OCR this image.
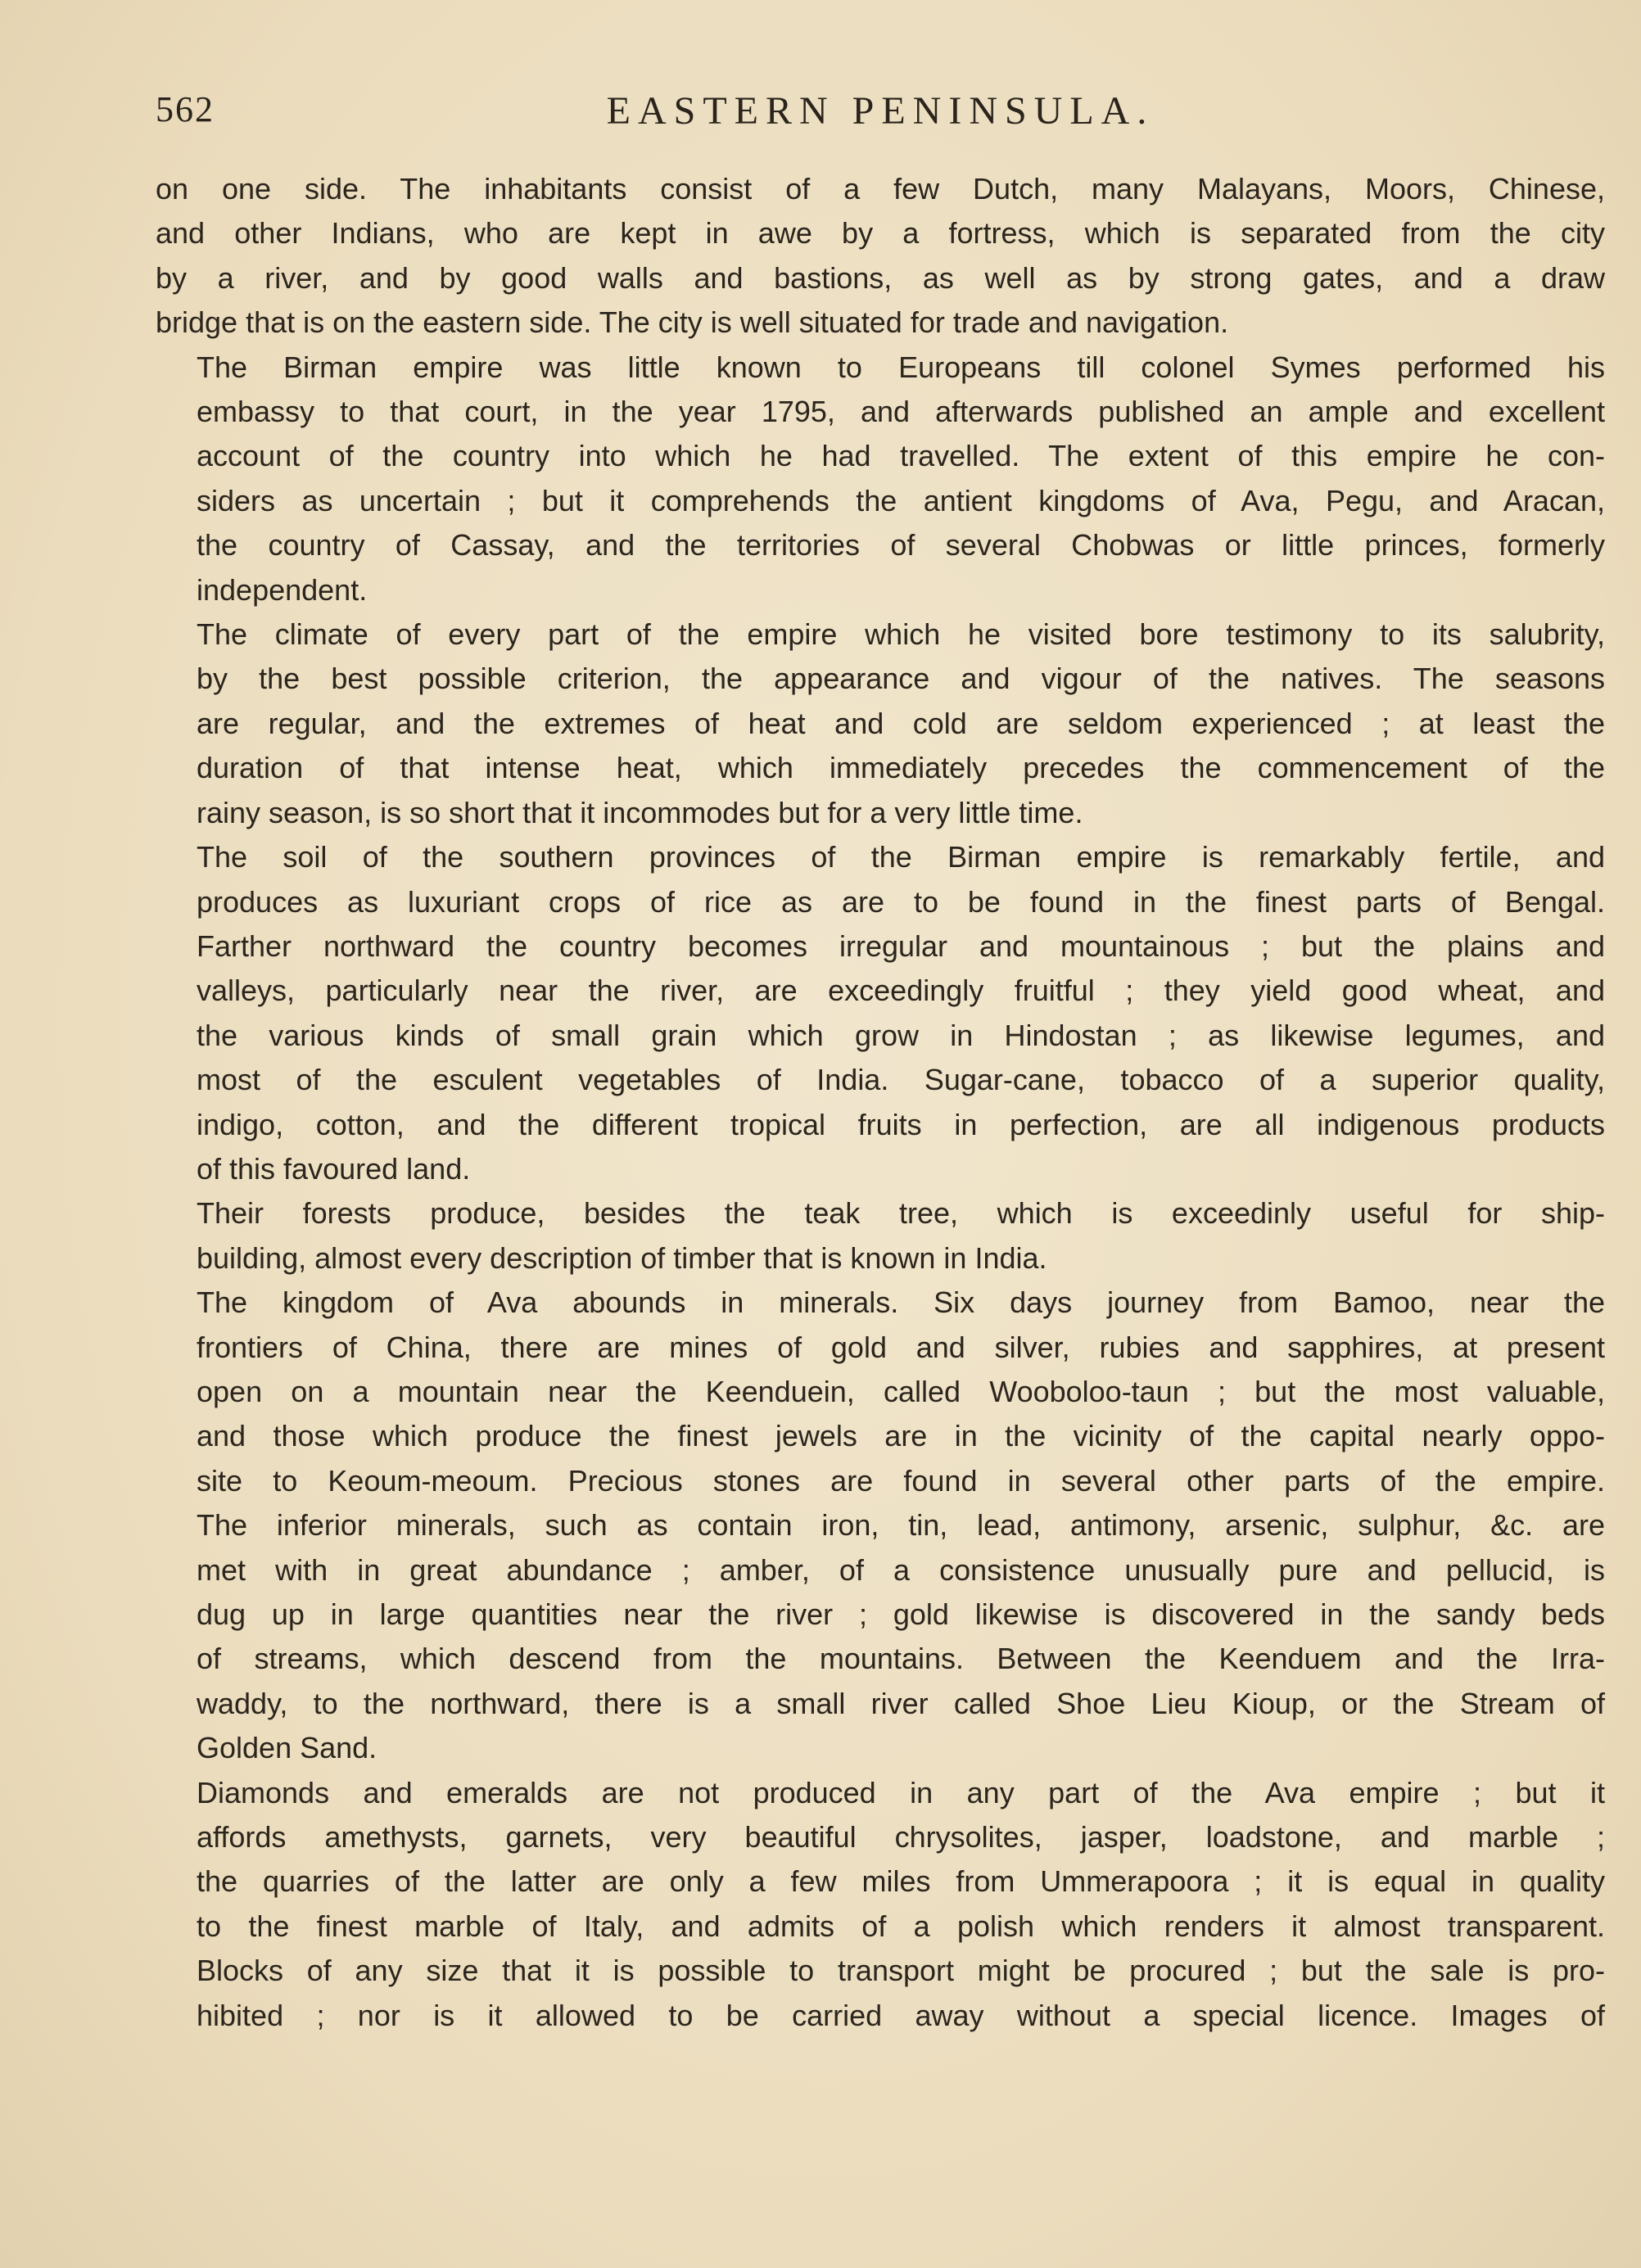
562	EASTERN PENINSULA.

on one side. The inhabitants consist of a few Dutch, many Malayans, Moors, Chinese,
and other Indians, who are kept in awe by a fortress, which is separated from the city
by a river, and by good walls and bastions, as well as by strong gates, and a draw
bridge that is on the eastern side. The city is well situated for trade and navigation.

The Birman empire was little known to Europeans till colonel Symes performed his
embassy to that court, in the year 1795, and afterwards published an ample and excellent
account of the country into which he had travelled. The extent of this empire he con-
siders as uncertain ; but it comprehends the antient kingdoms of Ava, Pegu, and Aracan,
the country of Cassay, and the territories of several Chobwas or little princes, formerly
independent.

The climate of every part of the empire which he visited bore testimony to its salubrity,
by the best possible criterion, the appearance and vigour of the natives. The seasons
are regular, and the extremes of heat and cold are seldom experienced ; at least the
duration of that intense heat, which immediately precedes the commencement of the
rainy season, is so short that it incommodes but for a very little time.

The soil of the southern provinces of the Birman empire is remarkably fertile, and
produces as luxuriant crops of rice as are to be found in the finest parts of Bengal.
Farther northward the country becomes irregular and mountainous ; but the plains and
valleys, particularly near the river, are exceedingly fruitful ; they yield good wheat, and
the various kinds of small grain which grow in Hindostan ; as likewise legumes, and
most of the esculent vegetables of India. Sugar-cane, tobacco of a superior quality,
indigo, cotton, and the different tropical fruits in perfection, are all indigenous products
of this favoured land.

Their forests produce, besides the teak tree, which is exceedinly useful for ship-
building, almost every description of timber that is known in India.

The kingdom of Ava abounds in minerals. Six days journey from Bamoo, near the
frontiers of China, there are mines of gold and silver, rubies and sapphires, at present
open on a mountain near the Keenduein, called Wooboloo-taun ; but the most valuable,
and those which produce the finest jewels are in the vicinity of the capital nearly oppo-
site to Keoum-meoum. Precious stones are found in several other parts of the empire.
The inferior minerals, such as contain iron, tin, lead, antimony, arsenic, sulphur, &c. are
met with in great abundance ; amber, of a consistence unusually pure and pellucid, is
dug up in large quantities near the river ; gold likewise is discovered in the sandy beds
of streams, which descend from the mountains. Between the Keenduem and the Irra-
waddy, to the northward, there is a small river called Shoe Lieu Kioup, or the Stream of
Golden Sand.

Diamonds and emeralds are not produced in any part of the Ava empire ; but it
affords amethysts, garnets, very beautiful chrysolites, jasper, loadstone, and marble ;
the quarries of the latter are only a few miles from Ummerapoora ; it is equal in quality
to the finest marble of Italy, and admits of a polish which renders it almost transparent.
Blocks of any size that it is possible to transport might be procured ; but the sale is pro-
hibited ; nor is it allowed to be carried away without a special licence. Images of
